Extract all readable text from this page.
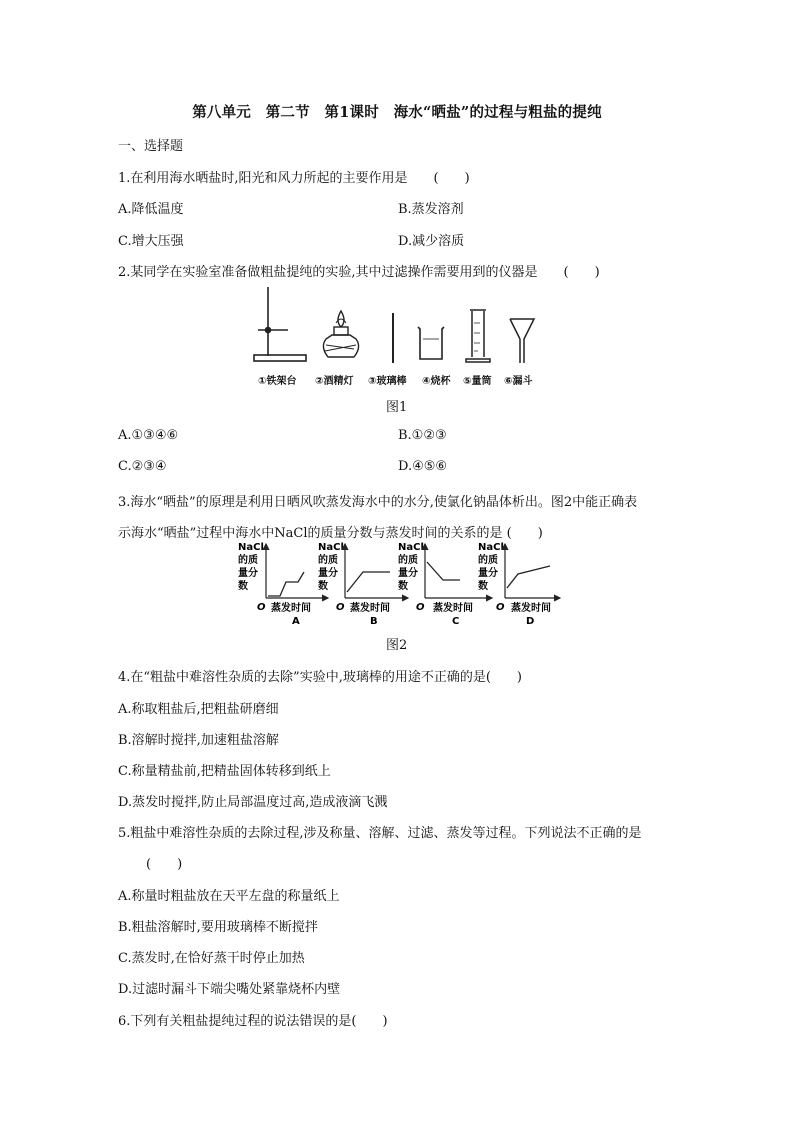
第八单元　第二节　第1课时　海水“晒盐”的过程与粗盐的提纯
一、选择题
1.在利用海水晒盐时,阳光和风力所起的主要作用是　　(　　)
A.降低温度	B.蒸发溶剂
C.增大压强	D.减少溶质
2.某同学在实验室准备做粗盐提纯的实验,其中过滤操作需要用到的仪器是　　(　　)
①铁架台 ②酒精灯 ③玻璃棒 ④烧杯 ⑤量筒 ⑥漏斗
图1
A.①③④⑥	B.①②③
C.②③④	D.④⑤⑥
3.海水“晒盐”的原理是利用日晒风吹蒸发海水中的水分,使氯化钠晶体析出。图2中能正确表
示海水“晒盐”过程中海水中NaCl的质量分数与蒸发时间的关系的是 (　　)
NaCl
的质
量分
数
O 蒸发时间
A
NaCl
的质
量分
数
O 蒸发时间
B
NaCl
的质
量分
数
O 蒸发时间
C
NaCl
的质
量分
数
O 蒸发时间
D
图2
4.在“粗盐中难溶性杂质的去除”实验中,玻璃棒的用途不正确的是(　　)
A.称取粗盐后,把粗盐研磨细
B.溶解时搅拌,加速粗盐溶解
C.称量精盐前,把精盐固体转移到纸上
D.蒸发时搅拌,防止局部温度过高,造成液滴飞溅
5.粗盐中难溶性杂质的去除过程,涉及称量、溶解、过滤、蒸发等过程。下列说法不正确的是
(　　)
A.称量时粗盐放在天平左盘的称量纸上
B.粗盐溶解时,要用玻璃棒不断搅拌
C.蒸发时,在恰好蒸干时停止加热
D.过滤时漏斗下端尖嘴处紧靠烧杯内壁
6.下列有关粗盐提纯过程的说法错误的是(　　)
